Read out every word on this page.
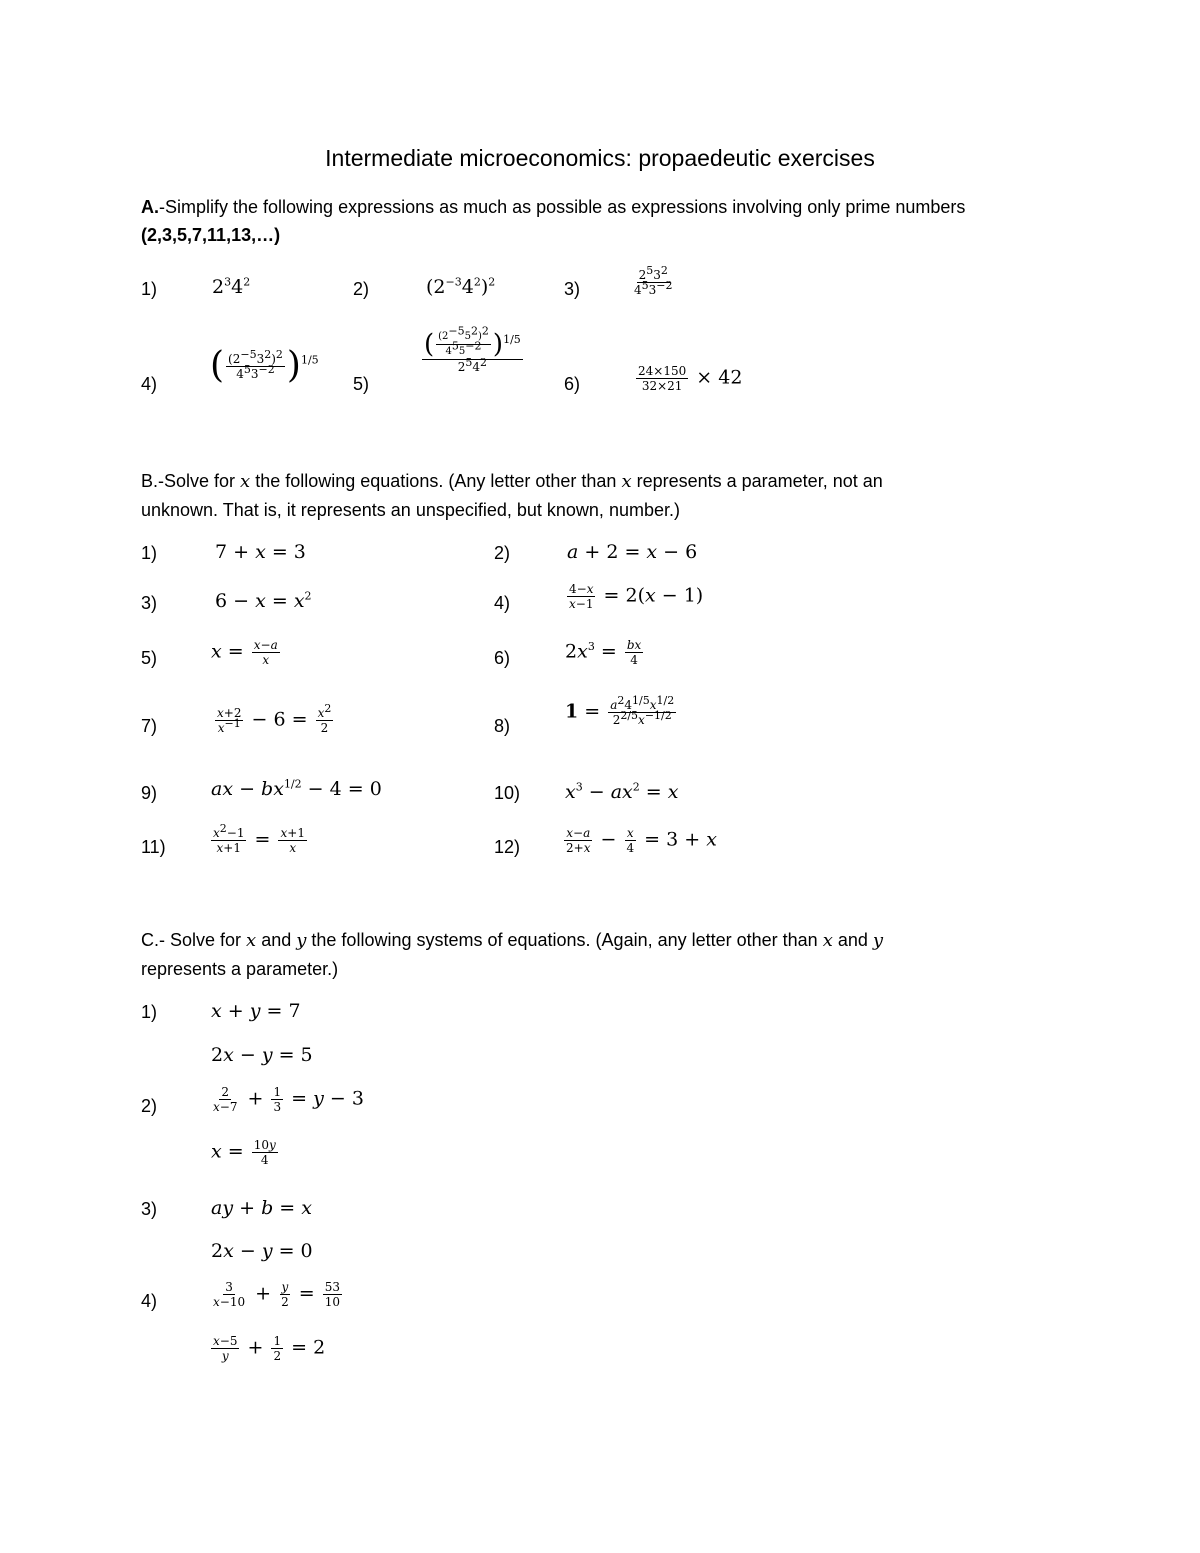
Intermediate microeconomics: propaedeutic exercises
A.-Simplify the following expressions as much as possible as expressions involving only prime numbers
(2,3,5,7,11,13,…)
1)	$2^34^2$	2)	$(2^{-3}4^2)^2$	3)	$\frac{2^53^2}{4^53^{-2}}$
4) ( $\frac{(2^{-5}3^2)^2}{4^53^{-2}} )^{1/5}$
5)
$\frac{( \frac{(2^{-5}5^2)^2}{4^55^{-2}} )^{1/5}}{2^54^2}$
6)	$\frac{24\times 150}{32\times 21} \times 42$
B.-Solve for x the following equations. (Any letter other than x represents a parameter, not an
unknown. That is, it represents an unspecified, but known, number.)
1)	7 + x = 3	2)	a + 2 = x − 6
3)	$6 - x = x^2$	4)	$\frac{4-x}{x-1} = 2(x - 1)$
5)	$x = \frac{x-a}{x}$	6)	$2x^3 = \frac{bx}{4}$
7)	$\frac{x+2}{x^{-1}} - 6 = \frac{x^2}{2}$	8)
$1 = \frac{a^24^{1/5}x^{1/2}}{2^{2/5}x^{-1/2}}$
9)	ax − $bx^{1/2} - 4 = 0$	10) $x^3 - ax^2 = x$
11)	$\frac{x^2-1}{x+1} = \frac{x+1}{x}$	12)	$\frac{x-a}{2+x} - \frac{x}{4} = 3 + x$
C.- Solve for x and y the following systems of equations. (Again, any letter other than x and y
represents a parameter.)
1)	x + y = 7
2x − y = 5
2)	$\frac{2}{x-7} + \frac{1}{3} = y - 3$
$x = \frac{10y}{4}$
3)	ay + b = x
2x − y = 0
4)	$\frac{3}{x-10} + \frac{y}{2} = \frac{53}{10}$
$\frac{x-5}{y} + \frac{1}{2} = 2$
